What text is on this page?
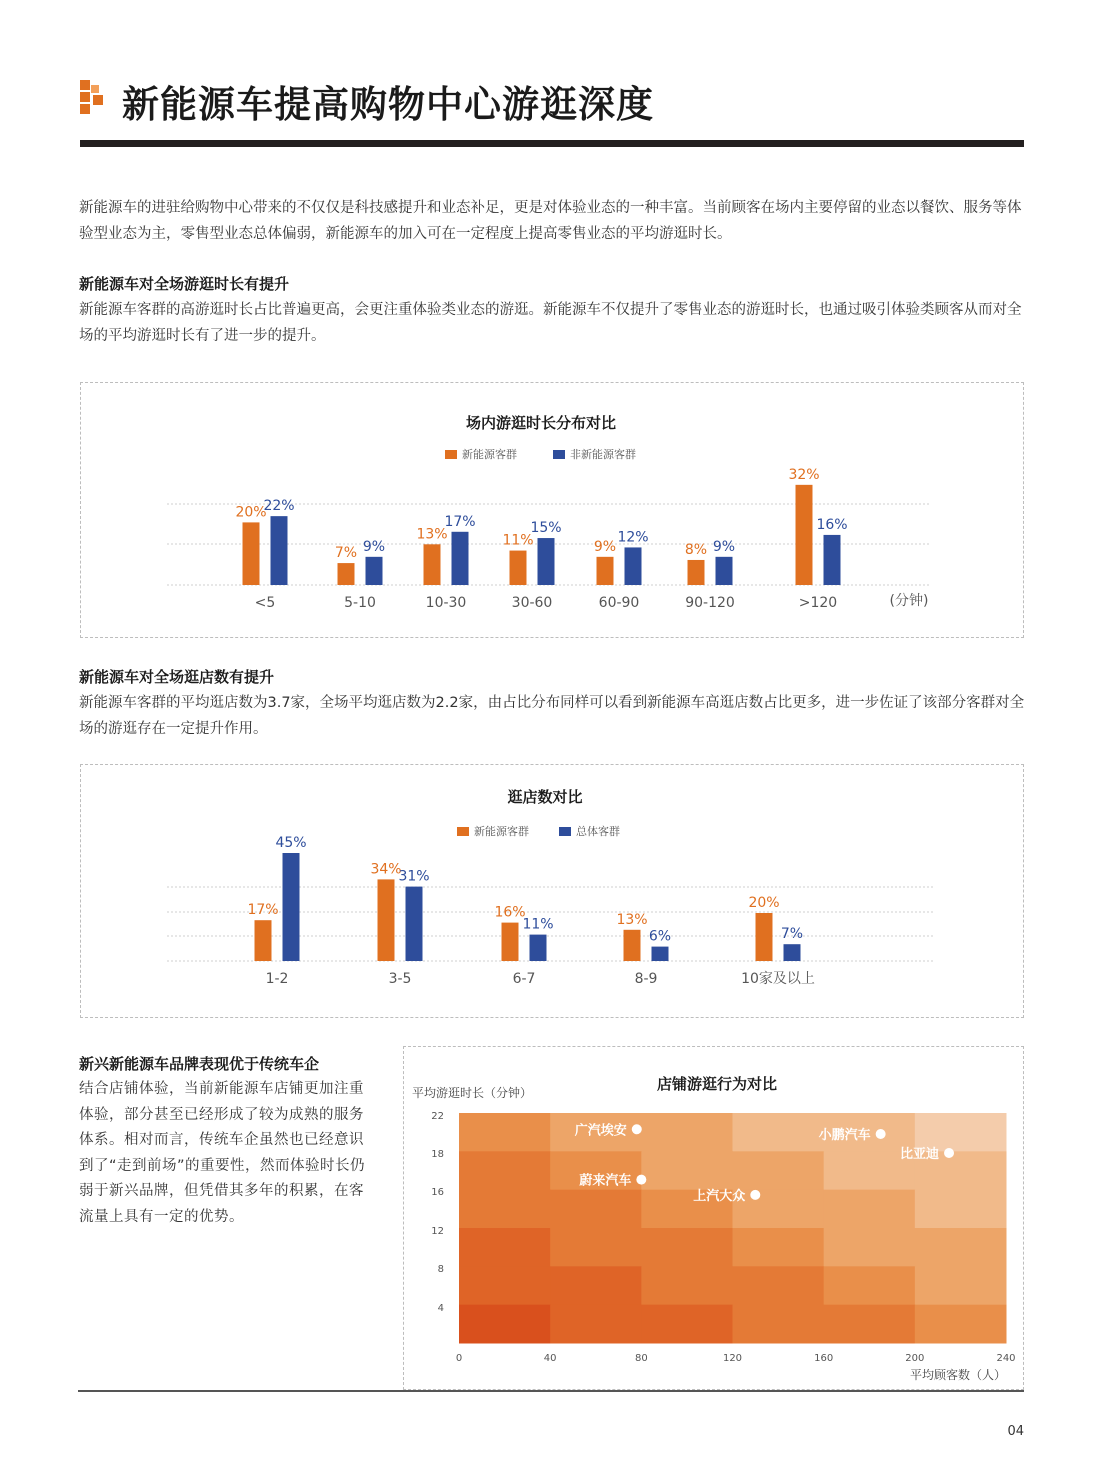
新能源车提高购物中心游逛深度
新能源车的进驻给购物中心带来的不仅仅是科技感提升和业态补足，更是对体验业态的一种丰富。当前顾客在场内主要停留的业态以餐饮、服务等体验型业态为主，零售型业态总体偏弱，新能源车的加入可在一定程度上提高零售业态的平均游逛时长。
新能源车对全场游逛时长有提升
新能源车客群的高游逛时长占比普遍更高，会更注重体验类业态的游逛。新能源车不仅提升了零售业态的游逛时长，也通过吸引体验类顾客从而对全场的平均游逛时长有了进一步的提升。
场内游逛时长分布对比
新能源客群	非新能源客群
(分钟)
20%
22%
<5
7% 9%
5-10
13%
17%
10-30
11%
15%
30-60
9%
12%
60-90
8% 9%
90-120
32%
16%
>120
新能源车对全场逛店数有提升
新能源车客群的平均逛店数为3.7家，全场平均逛店数为2.2家，由占比分布同样可以看到新能源车高逛店数占比更多，进一步佐证了该部分客群对全场的游逛存在一定提升作用。
逛店数对比
新能源客群	总体客群
17%
45%
1-2
34%
31%
3-5
16%
11%
6-7
13%
6%
8-9
20%
7%
10家及以上
新兴新能源车品牌表现优于传统车企
结合店铺体验，当前新能源车店铺更加注重体验，部分甚至已经形成了较为成熟的服务体系。相对而言，传统车企虽然也已经意识到了“走到前场”的重要性，然而体验时长仍弱于新兴品牌，但凭借其多年的积累，在客流量上具有一定的优势。
店铺游逛行为对比
平均游逛时长（分钟）
平均顾客数（人）
0	40	80	120	160	200	240
4
8
12
16
18
22
广汽埃安	小鹏汽车
比亚迪
蔚来汽车
上汽大众
04
